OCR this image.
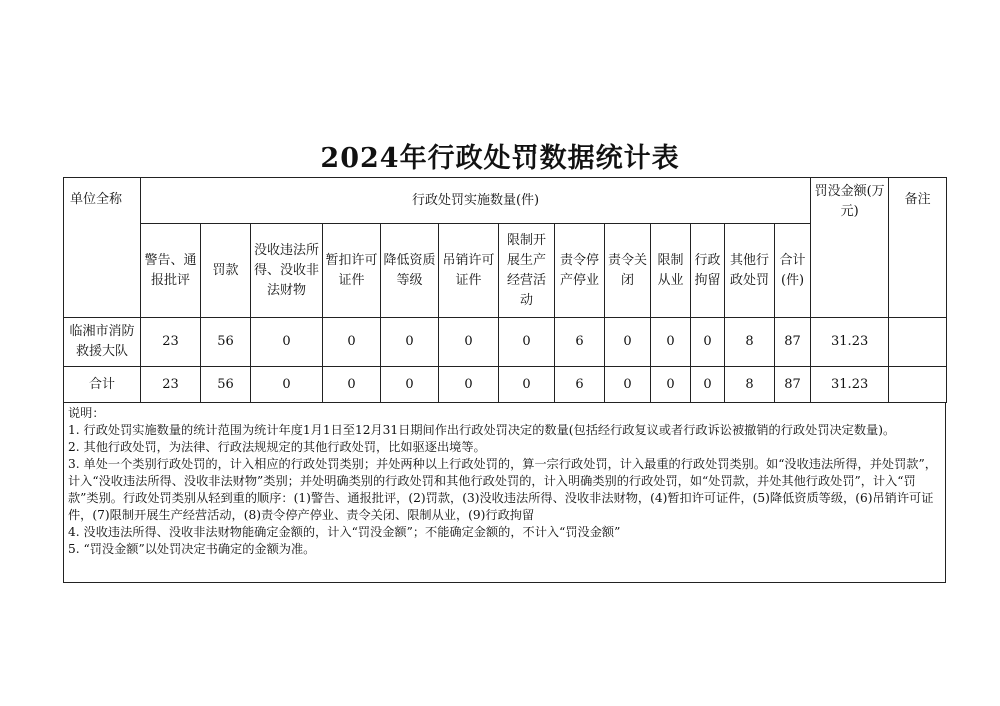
2024年行政处罚数据统计表
单位全称	行政处罚实施数量(件)													罚没金额(万元)	备注
	警告、通报批评	罚款	没收违法所得、没收非法财物	暂扣许可证件	降低资质等级	吊销许可证件	限制开展生产经营活动	责令停产停业	责令关闭	限制从业	行政拘留	其他行政处罚	合计(件)		
临湘市消防救援大队	23	56	0	0	0	0	0	6	0	0	0	8	87	31.23	
合计	23	56	0	0	0	0	0	6	0	0	0	8	87	31.23	

说明：

1. 行政处罚实施数量的统计范围为统计年度1月1日至12月31日期间作出行政处罚决定的数量(包括经行政复议或者行政诉讼被撤销的行政处罚决定数量)。

2. 其他行政处罚，为法律、行政法规规定的其他行政处罚，比如驱逐出境等。

3. 单处一个类别行政处罚的，计入相应的行政处罚类别；并处两种以上行政处罚的，算一宗行政处罚，计入最重的行政处罚类别。如“没收违法所得，并处罚款”，计入“没收违法所得、没收非法财物”类别；并处明确类别的行政处罚和其他行政处罚的，计入明确类别的行政处罚，如“处罚款，并处其他行政处罚”，计入“罚款”类别。行政处罚类别从轻到重的顺序：(1)警告、通报批评，(2)罚款，(3)没收违法所得、没收非法财物，(4)暂扣许可证件，(5)降低资质等级，(6)吊销许可证件，(7)限制开展生产经营活动，(8)责令停产停业、责令关闭、限制从业，(9)行政拘留

4. 没收违法所得、没收非法财物能确定金额的，计入“罚没金额”；不能确定金额的，不计入“罚没金额”

5. “罚没金额”以处罚决定书确定的金额为准。
